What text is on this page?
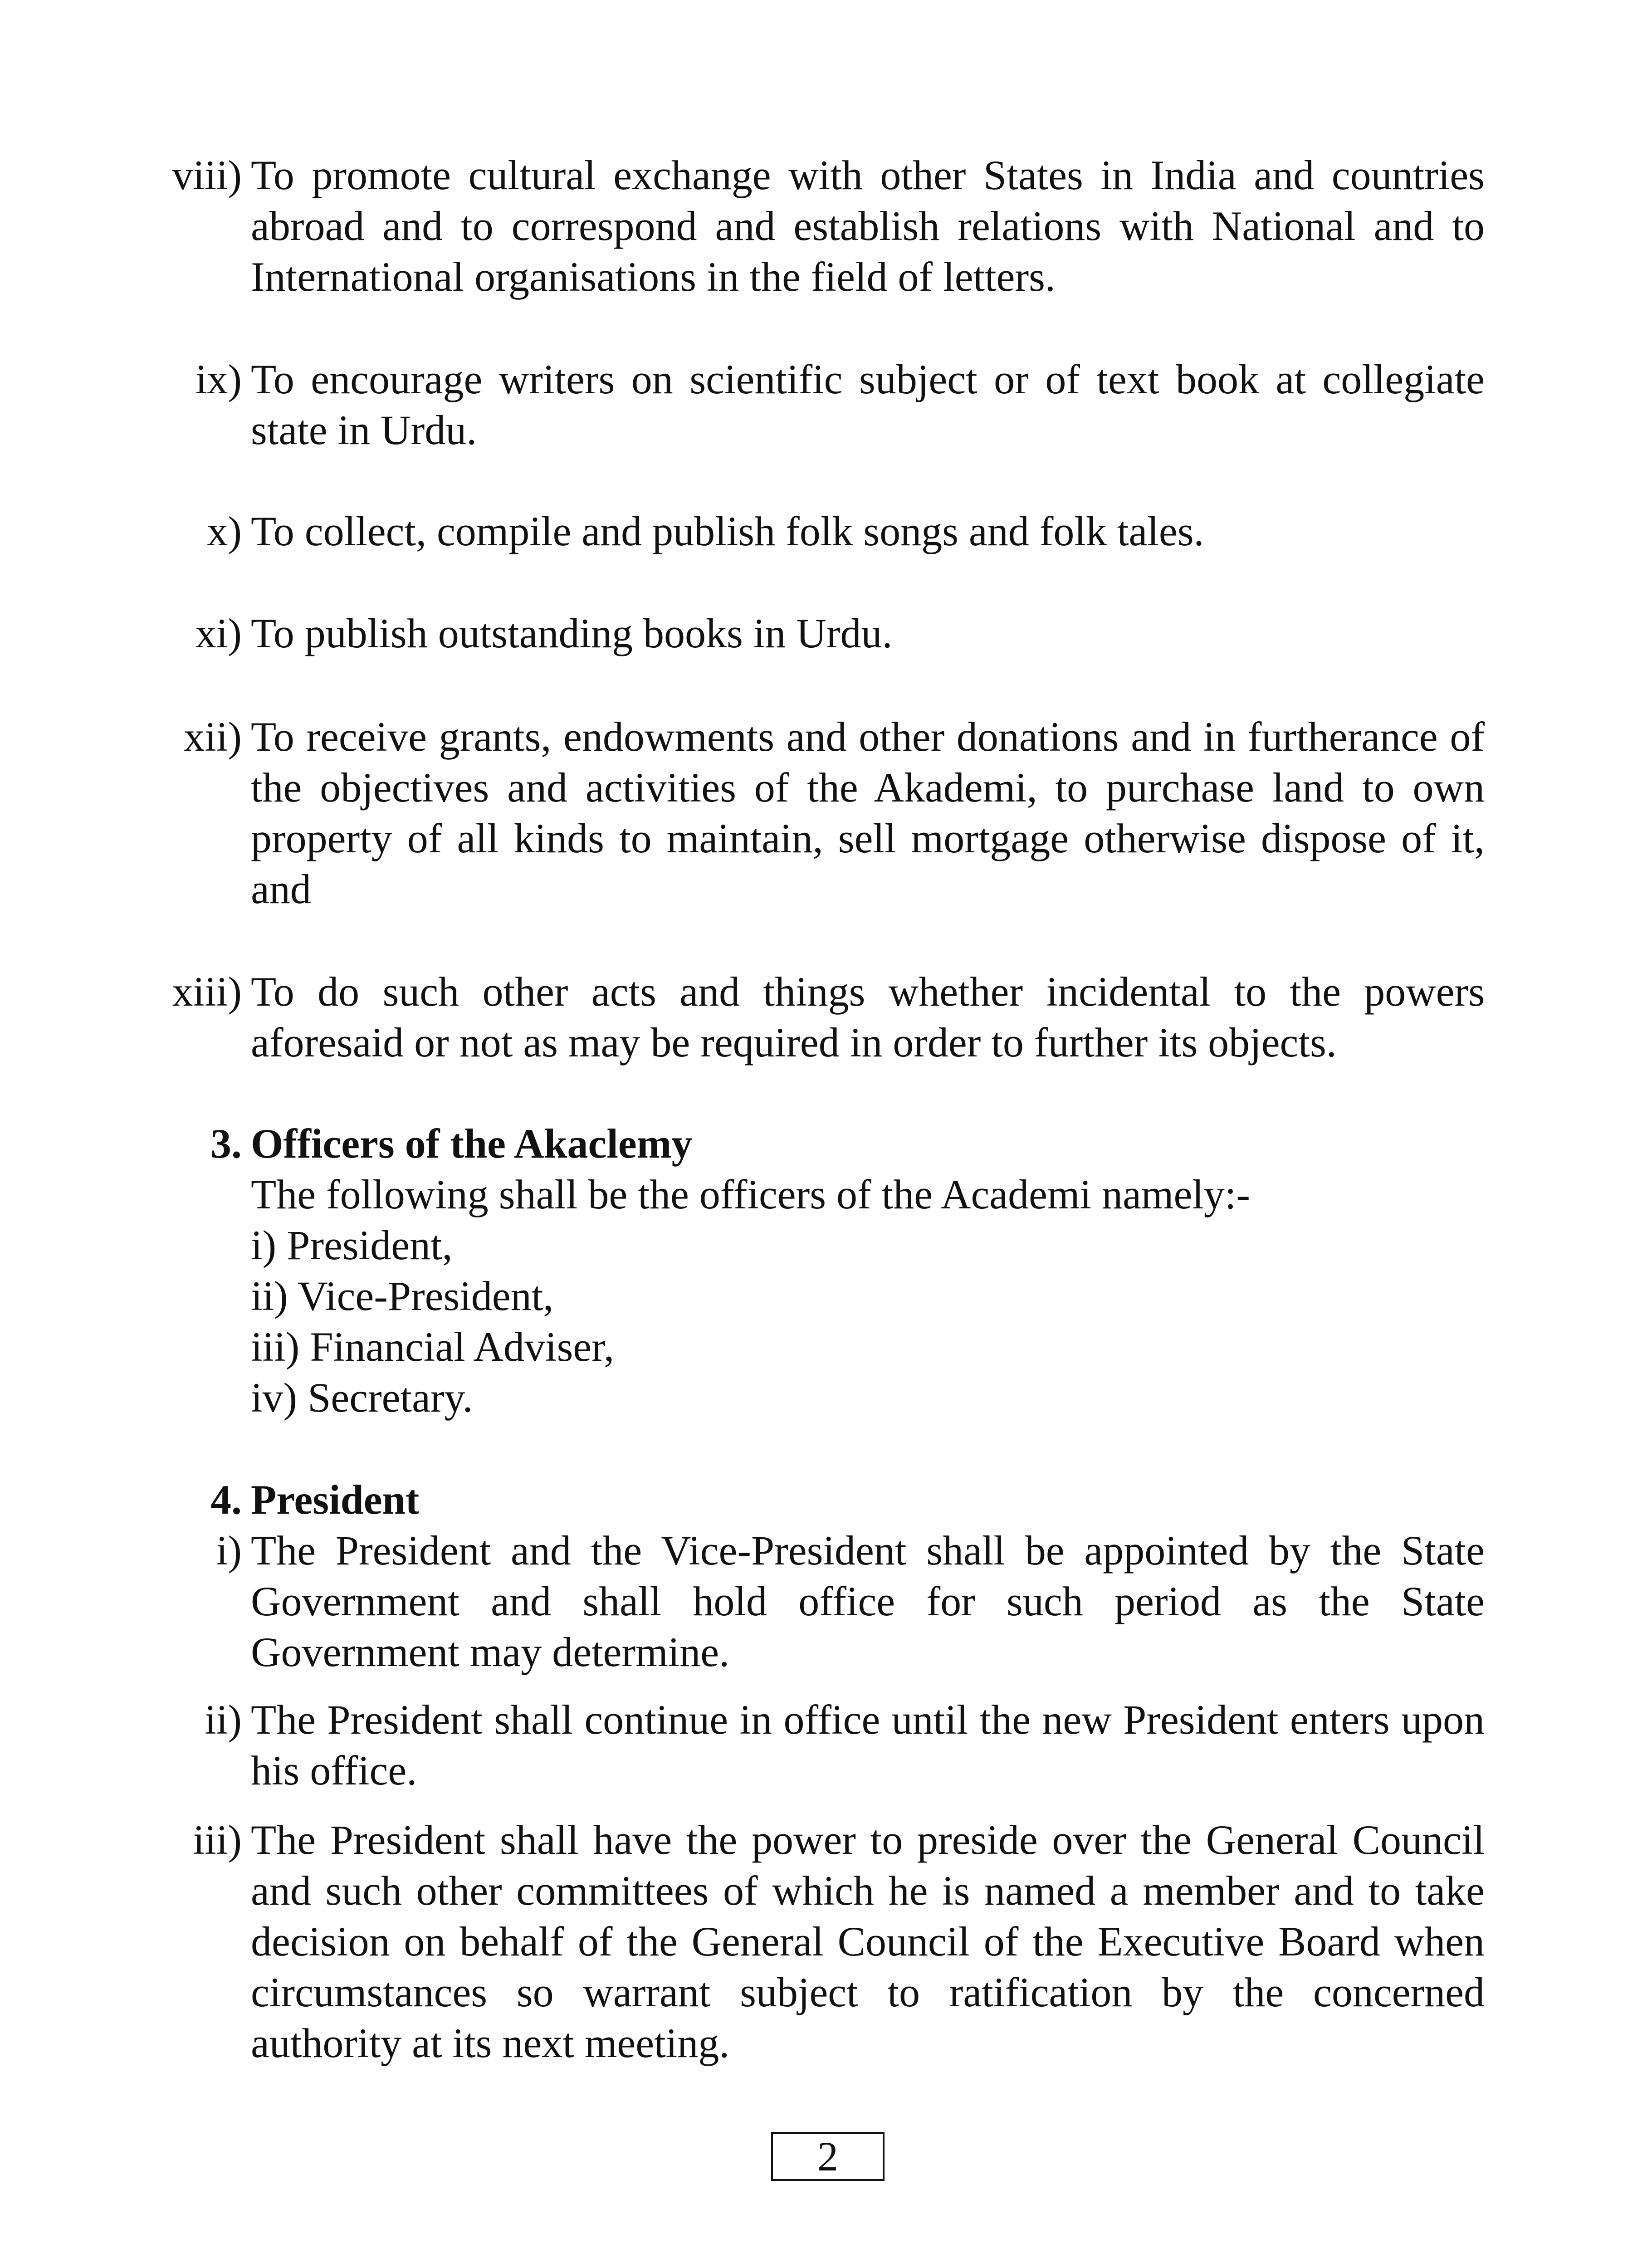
viii) To promote cultural exchange with other States in India and countries abroad and to correspond and establish relations with National and to International organisations in the field of letters.
ix) To encourage writers on scientific subject or of text book at collegiate state in Urdu.
x) To collect, compile and publish folk songs and folk tales.
xi) To publish outstanding books in Urdu.
xii) To receive grants, endowments and other donations and in furtherance of the objectives and activities of the Akademi, to purchase land to own property of all kinds to maintain, sell mortgage otherwise dispose of it, and
xiii) To do such other acts and things whether incidental to the powers aforesaid or not as may be required in order to further its objects.
3. Officers of the Akaclemy
The following shall be the officers of the Academi namely:-
i) President,
ii) Vice-President,
iii) Financial Adviser,
iv) Secretary.
4. President
i) The President and the Vice-President shall be appointed by the State Government and shall hold office for such period as the State Government may determine.
ii) The President shall continue in office until the new President enters upon his office.
iii) The President shall have the power to preside over the General Council and such other committees of which he is named a member and to take decision on behalf of the General Council of the Executive Board when circumstances so warrant subject to ratification by the concerned authority at its next meeting.
2
